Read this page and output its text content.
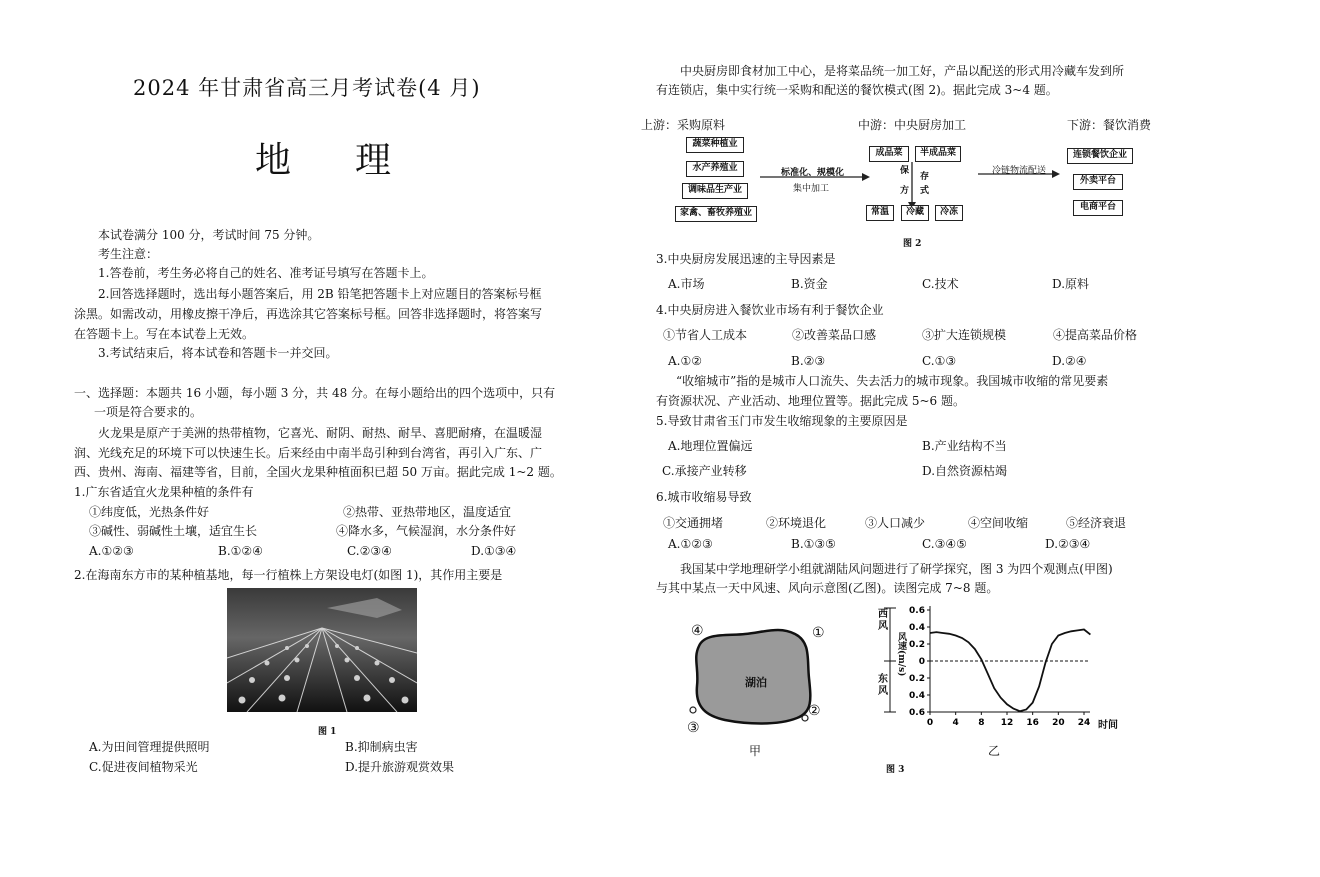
2024 年甘肃省高三月考试卷(4 月)
地 理
本试卷满分 100 分，考试时间 75 分钟。
考生注意：
1.答卷前，考生务必将自己的姓名、准考证号填写在答题卡上。
2.回答选择题时，选出每小题答案后，用 2B 铅笔把答题卡上对应题目的答案标号框
涂黑。如需改动，用橡皮擦干净后，再选涂其它答案标号框。回答非选择题时，将答案写
在答题卡上。写在本试卷上无效。
3.考试结束后，将本试卷和答题卡一并交回。
一、选择题：本题共 16 小题，每小题 3 分，共 48 分。在每小题给出的四个选项中，只有
一项是符合要求的。
火龙果是原产于美洲的热带植物，它喜光、耐阴、耐热、耐旱、喜肥耐瘠，在温暖湿
润、光线充足的环境下可以快速生长。后来经由中南半岛引种到台湾省，再引入广东、广
西、贵州、海南、福建等省，目前，全国火龙果种植面积已超 50 万亩。据此完成 1~2 题。
1.广东省适宜火龙果种植的条件有
①纬度低，光热条件好	②热带、亚热带地区，温度适宜
③碱性、弱碱性土壤，适宜生长	④降水多，气候湿润，水分条件好
A.①②③	B.①②④	C.②③④	D.①③④
2.在海南东方市的某种植基地，每一行植株上方架设电灯(如图 1)，其作用主要是
图 1
A.为田间管理提供照明	B.抑制病虫害
C.促进夜间植物采光	D.提升旅游观赏效果
中央厨房即食材加工中心，是将菜品统一加工好，产品以配送的形式用冷藏车发到所
有连锁店，集中实行统一采购和配送的餐饮模式(图 2)。据此完成 3~4 题。
上游：采购原料	中游：中央厨房加工	下游：餐饮消费
蔬菜种植业
水产养殖业
调味品生产业
家禽、畜牧养殖业
标准化、规模化
集中加工
成品菜	半成品菜
保
存
方 式
常温	冷藏	冷冻
冷链物流配送
连锁餐饮企业
外卖平台
电商平台
图 2
3.中央厨房发展迅速的主导因素是
A.市场	B.资金	C.技术	D.原料
4.中央厨房进入餐饮业市场有利于餐饮企业
①节省人工成本	②改善菜品口感	③扩大连锁规模	④提高菜品价格
A.①②	B.②③	C.①③	D.②④
“收缩城市”指的是城市人口流失、失去活力的城市现象。我国城市收缩的常见要素
有资源状况、产业活动、地理位置等。据此完成 5~6 题。
5.导致甘肃省玉门市发生收缩现象的主要原因是
A.地理位置偏远	B.产业结构不当
C.承接产业转移	D.自然资源枯竭
6.城市收缩易导致
①交通拥堵	②环境退化	③人口减少	④空间收缩	⑤经济衰退
A.①②③	B.①③⑤	C.③④⑤	D.②③④
我国某中学地理研学小组就湖陆风问题进行了研学探究，图 3 为四个观测点(甲图)
与其中某点一天中风速、风向示意图(乙图)。读图完成 7~8 题。
湖泊
④	①
②
③
甲
0.6
0.4
0.2
0
0.2
0.4
0.6
0 4 8 12 16 20 24
西
风
东
风
风速(m/s)
时间
乙
图 3
